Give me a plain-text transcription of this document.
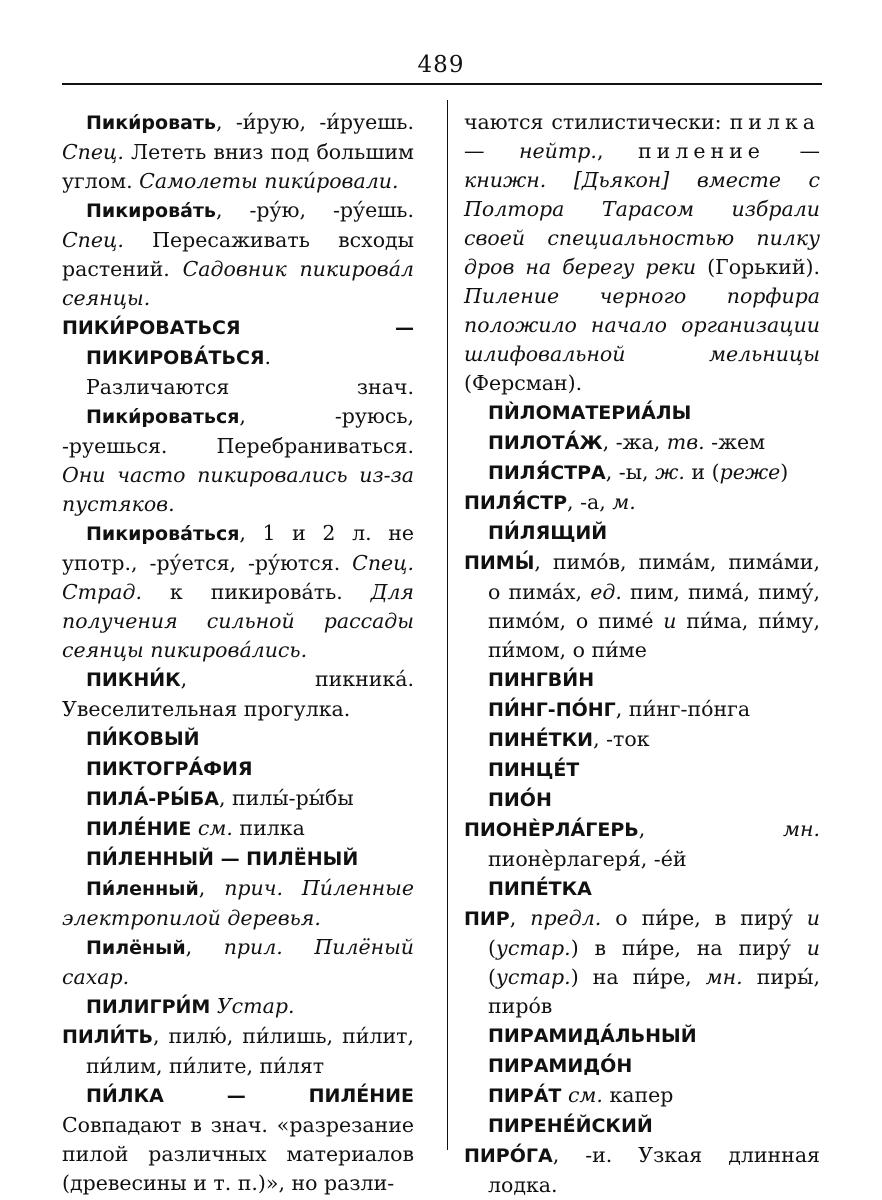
489

Пики́ровать, -и́рую, -и́руешь. Спец. Лететь вниз под большим углом. Самолеты пики́ровали.

Пикирова́ть, -ру́ю, -ру́ешь. Спец. Пересаживать всходы растений. Садовник пикирова́л сеянцы.

ПИКИ́РОВАТЬСЯ — ПИКИРОВА́ТЬСЯ. Различаются знач.

Пики́роваться, -руюсь, -руешься. Перебраниваться. Они часто пикировались из-за пустяков.

Пикирова́ться, 1 и 2 л. не употр., -ру́ется, -ру́ются. Спец. Страд. к пикирова́ть. Для получения сильной рассады сеянцы пикирова́лись.

ПИКНИ́К, пикника́. Увеселительная прогулка.

ПИ́КОВЫЙ

ПИКТОГРА́ФИЯ

ПИЛА́-РЫ́БА, пилы́-ры́бы

ПИЛЕ́НИЕ см. пилка

ПИ́ЛЕННЫЙ — ПИЛЁНЫЙ

Пи́ленный, прич. Пи́ленные электропилой деревья.

Пилёный, прил. Пилёный сахар.

ПИЛИГРИ́М Устар.

ПИЛИ́ТЬ, пилю́, пи́лишь, пи́лит, пи́лим, пи́лите, пи́лят

ПИ́ЛКА — ПИЛЕ́НИЕ Совпадают в знач. «разрезание пилой различных материалов (древесины и т. п.)», но разли-

чаются стилистически: пилка — нейтр., пиление — книжн. [Дьякон] вместе с Полтора Тарасом избрали своей специальностью пилку дров на берегу реки (Горький). Пиление черного порфира положило начало организации шлифовальной мельницы (Ферсман).

ПЍЛОМАТЕРИА́ЛЫ

ПИЛОТА́Ж, -жа, тв. -жем

ПИЛЯ́СТРА, -ы, ж. и (реже)

ПИЛЯ́СТР, -а, м.

ПИ́ЛЯЩИЙ

ПИМЫ́, пимо́в, пима́м, пима́ми, о пима́х, ед. пим, пима́, пиму́, пимо́м, о пиме́ и пи́ма, пи́му, пи́мом, о пи́ме

ПИНГВИ́Н

ПИ́НГ-ПО́НГ, пи́нг-по́нга

ПИНЕ́ТКИ, -ток

ПИНЦЕ́Т

ПИО́Н

ПИОНЀРЛА́ГЕРЬ, мн. пионѐрлагеря́, -е́й

ПИПЕ́ТКА

ПИР, предл. о пи́ре, в пиру́ и (устар.) в пи́ре, на пиру́ и (устар.) на пи́ре, мн. пиры́, пиро́в

ПИРАМИДА́ЛЬНЫЙ

ПИРАМИДО́Н

ПИРА́Т см. капер

ПИРЕНЕ́ЙСКИЙ

ПИРО́ГА, -и. Узкая длинная лодка.
